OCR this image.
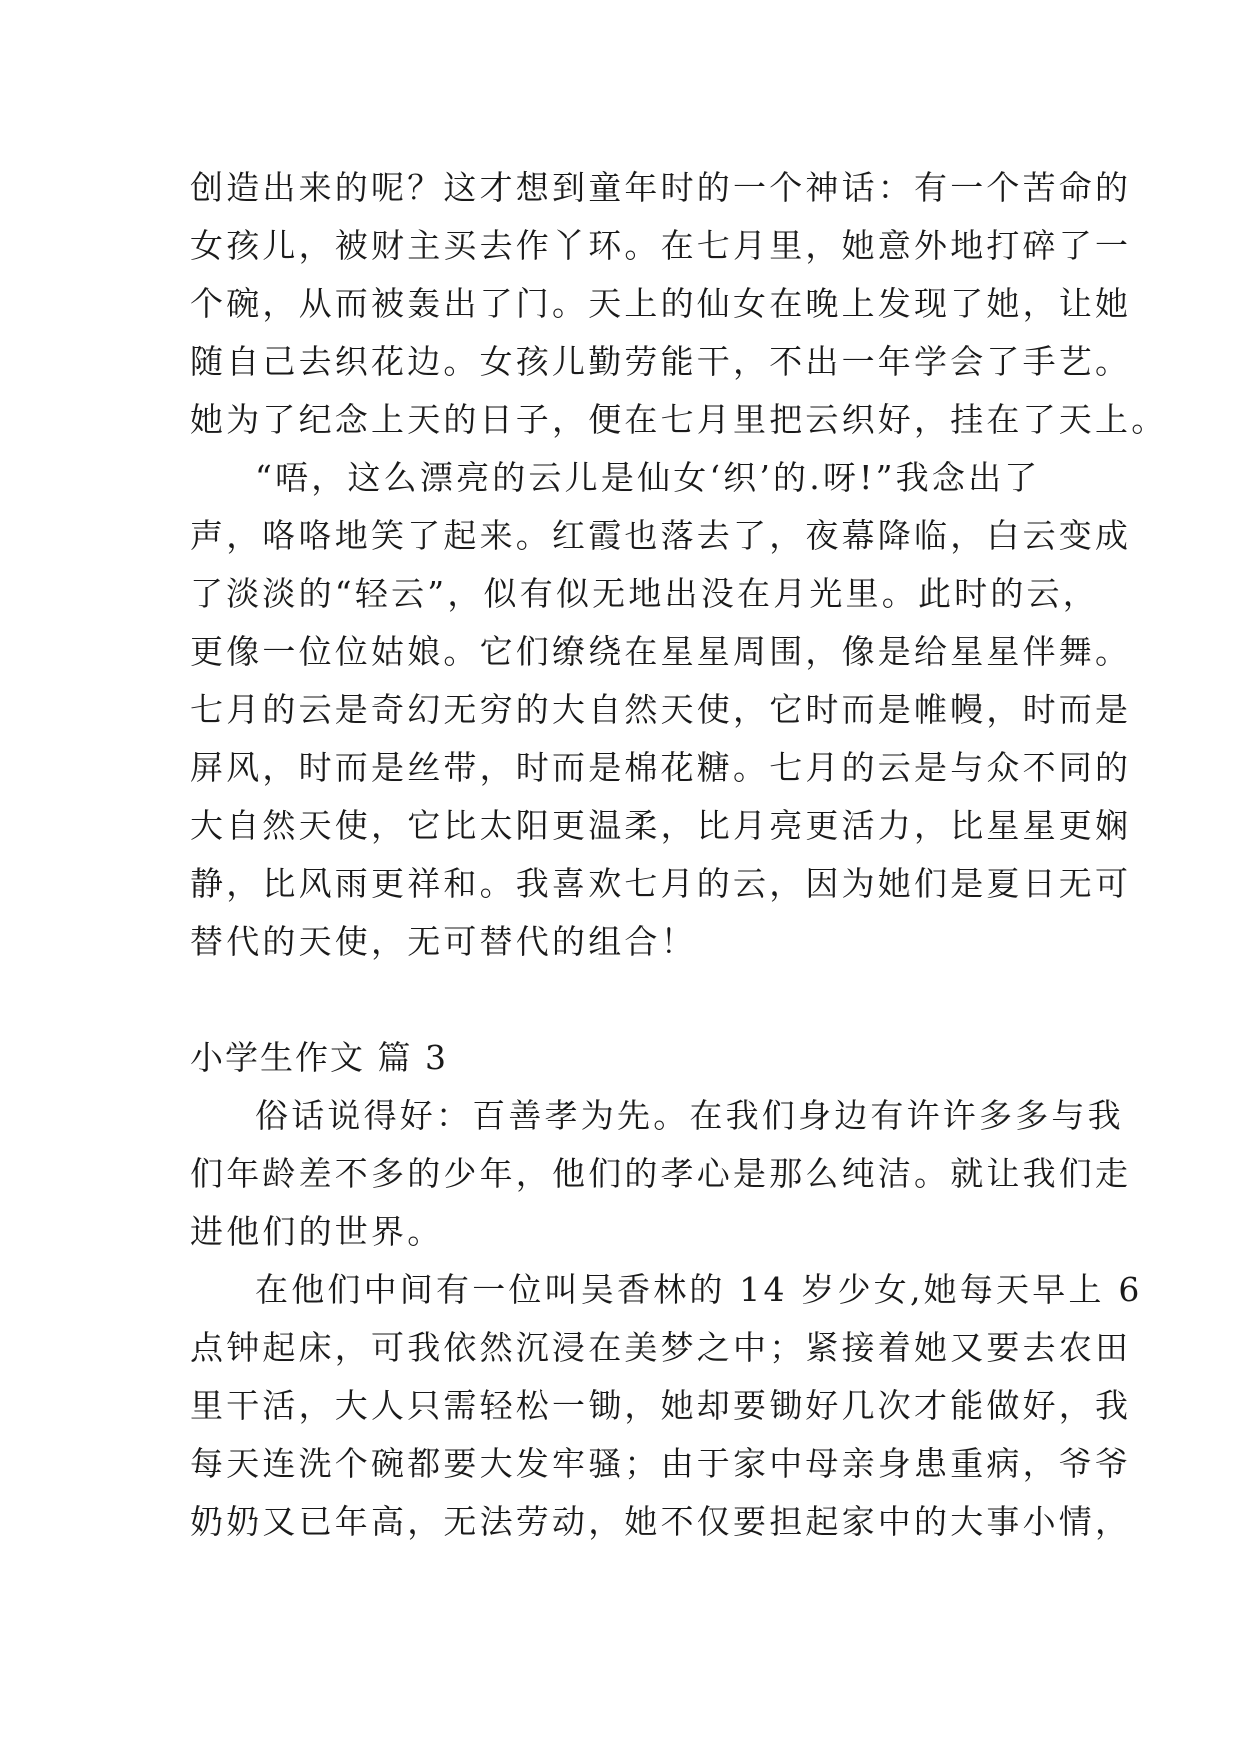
创造出来的呢？这才想到童年时的一个神话：有一个苦命的
女孩儿，被财主买去作丫环。在七月里，她意外地打碎了一
个碗，从而被轰出了门。天上的仙女在晚上发现了她，让她
随自己去织花边。女孩儿勤劳能干，不出一年学会了手艺。
她为了纪念上天的日子，便在七月里把云织好，挂在了天上。
“唔，这么漂亮的云儿是仙女‘织’的.呀!”我念出了
声，咯咯地笑了起来。红霞也落去了，夜幕降临，白云变成
了淡淡的“轻云”，似有似无地出没在月光里。此时的云，
更像一位位姑娘。它们缭绕在星星周围，像是给星星伴舞。
七月的云是奇幻无穷的大自然天使，它时而是帷幔，时而是
屏风，时而是丝带，时而是棉花糖。七月的云是与众不同的
大自然天使，它比太阳更温柔，比月亮更活力，比星星更娴
静，比风雨更祥和。我喜欢七月的云，因为她们是夏日无可
替代的天使，无可替代的组合！
小学生作文 篇 3
俗话说得好：百善孝为先。在我们身边有许许多多与我
们年龄差不多的少年，他们的孝心是那么纯洁。就让我们走
进他们的世界。
在他们中间有一位叫吴香林的 14 岁少女,她每天早上 6
点钟起床，可我依然沉浸在美梦之中；紧接着她又要去农田
里干活，大人只需轻松一锄，她却要锄好几次才能做好，我
每天连洗个碗都要大发牢骚；由于家中母亲身患重病，爷爷
奶奶又已年高，无法劳动，她不仅要担起家中的大事小情，
